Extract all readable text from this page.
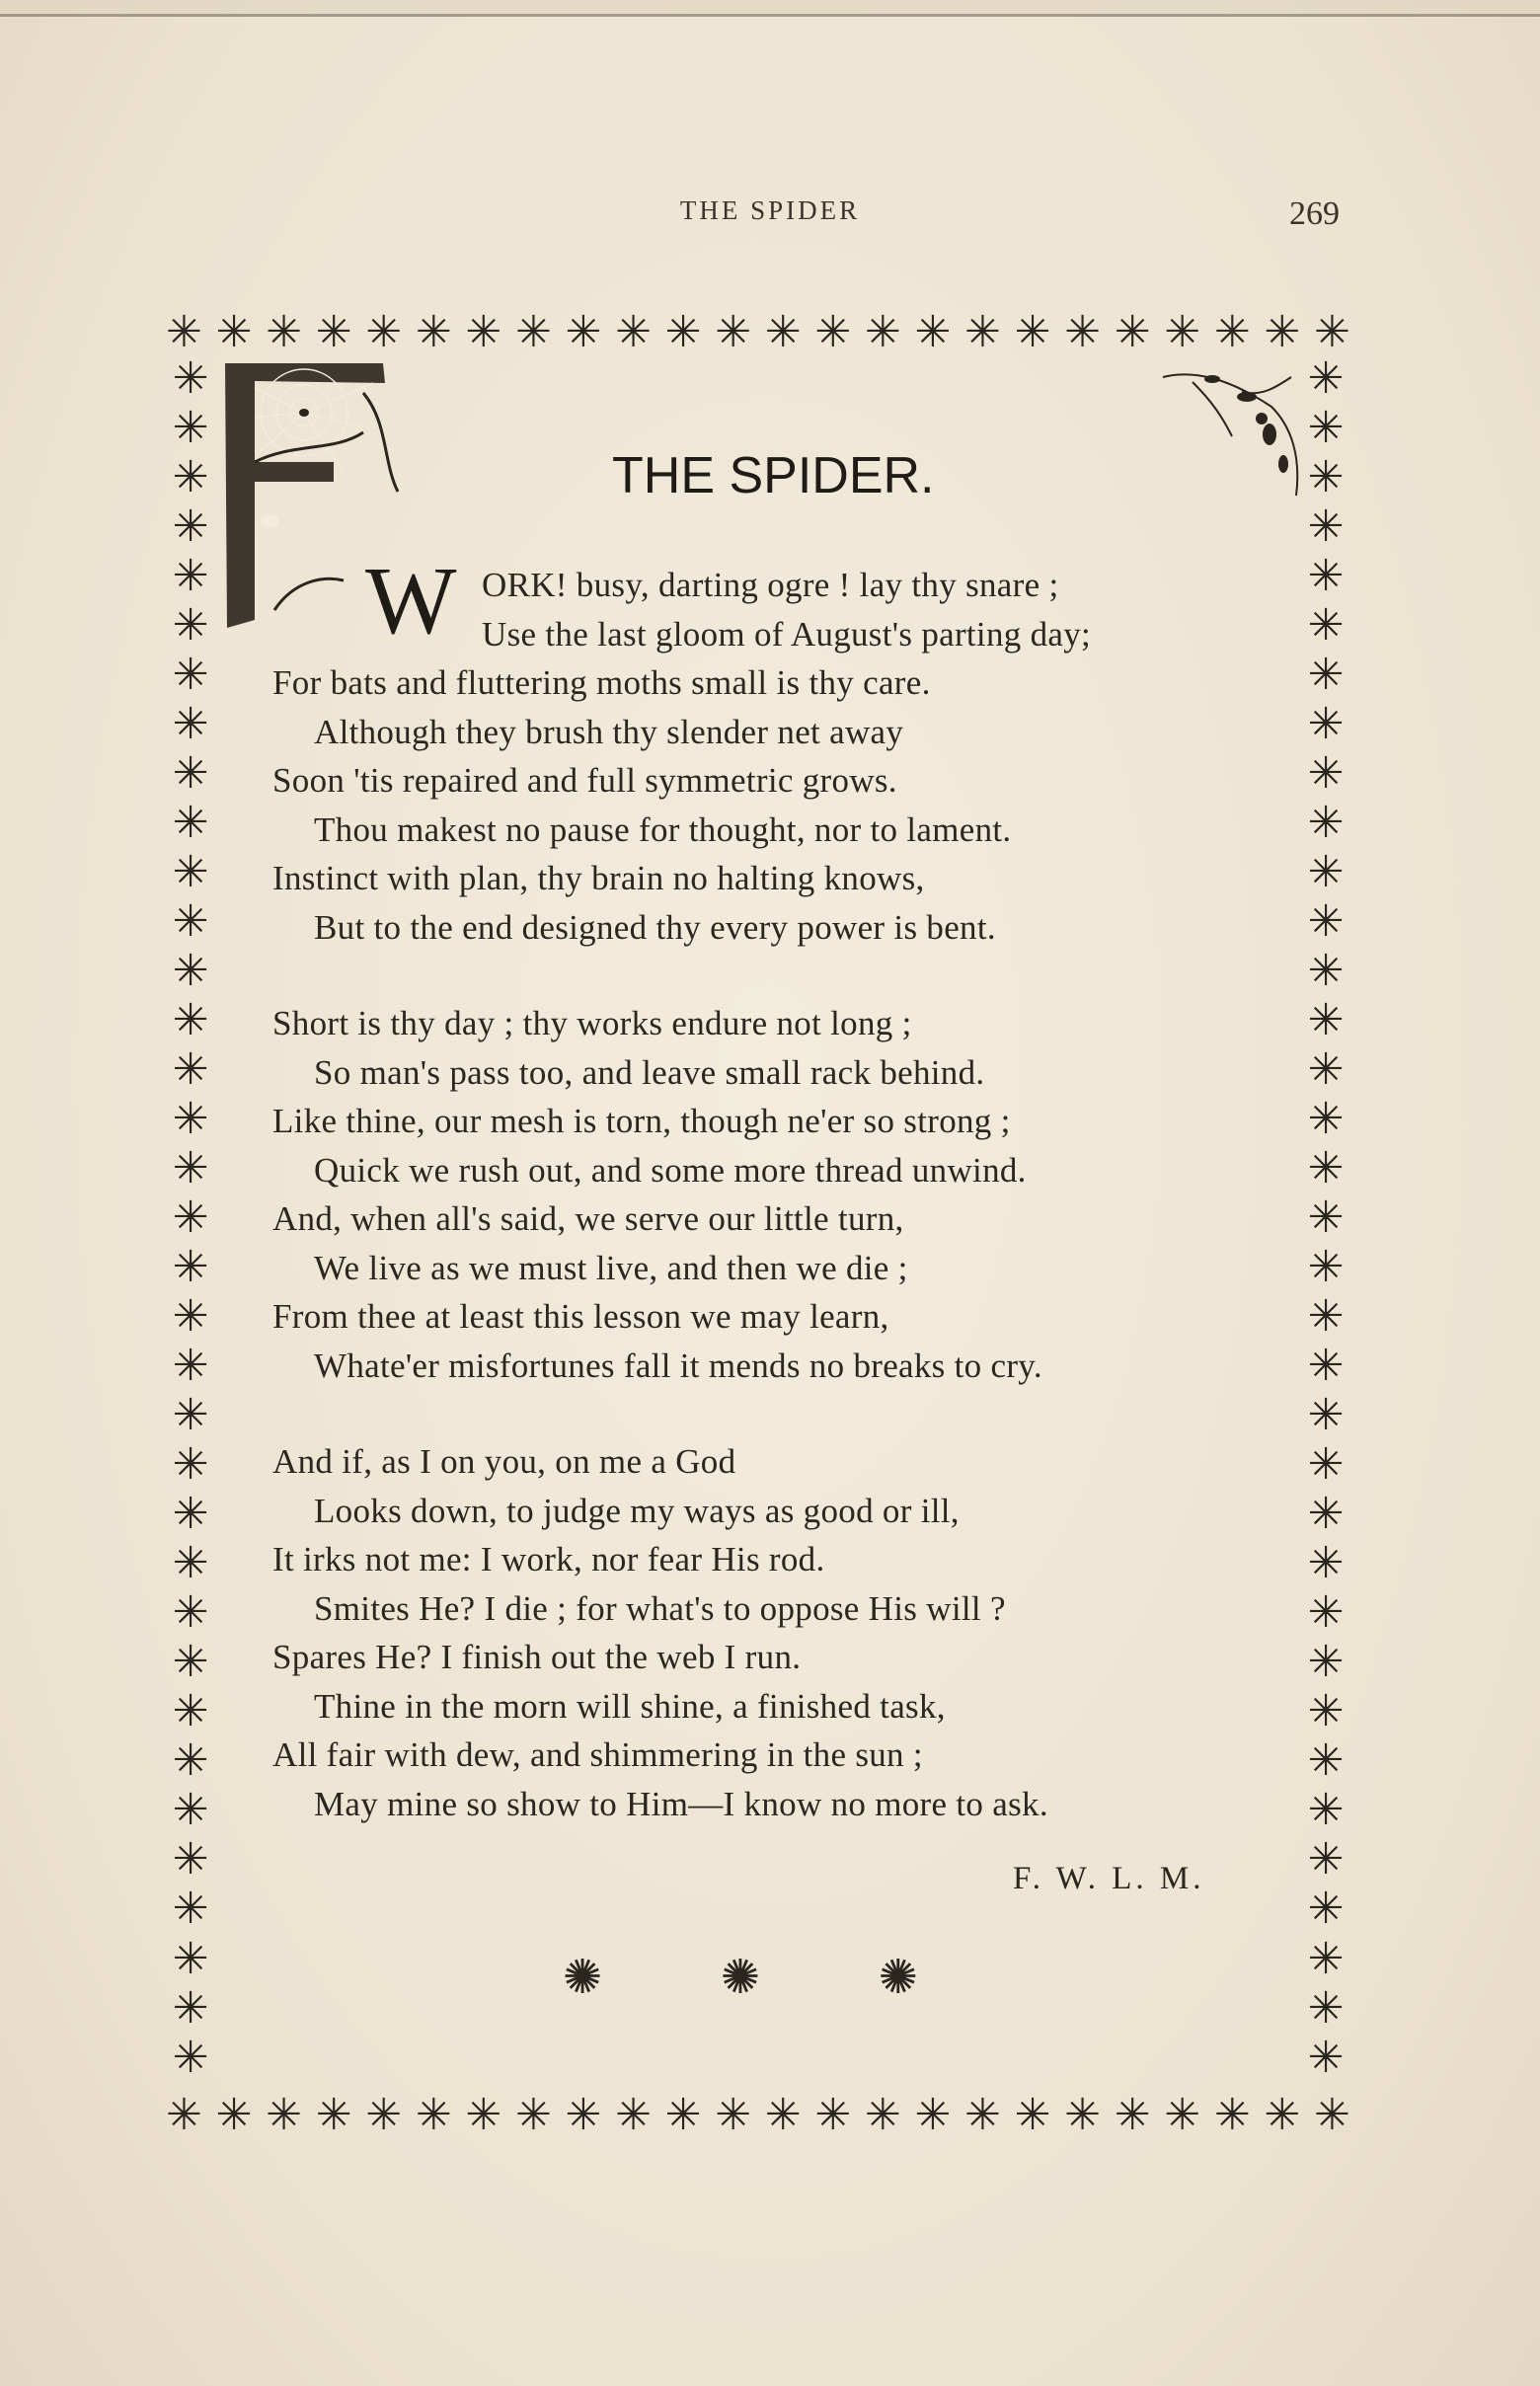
THE SPIDER	269
✳ ✳ ✳ ✳ ✳ ✳ ✳ ✳ ✳ ✳ ✳ ✳ ✳ ✳ ✳ ✳ ✳ ✳ ✳ ✳ ✳ ✳ ✳ ✳
✳ ✳ ✳ ✳ ✳ ✳ ✳ ✳ ✳ ✳ ✳ ✳ ✳ ✳ ✳ ✳ ✳ ✳ ✳ ✳ ✳ ✳ ✳ ✳
✳
✳
✳
✳
✳
✳
✳
✳
✳
✳
✳
✳
✳
✳
✳
✳
✳
✳
✳
✳
✳
✳
✳
✳
✳
✳
✳
✳
✳
✳
✳
✳
✳
✳
✳
✳
✳
✳
✳
✳
✳
✳
✳
✳
✳
✳
✳
✳
✳
✳
✳
✳
✳
✳
✳
✳
✳
✳
✳
✳
✳
✳
✳
✳
✳
✳
✳
✳
✳
✳
THE SPIDER.
W ORK! busy, darting ogre ! lay thy snare ;
Use the last gloom of August's parting day;
For bats and fluttering moths small is thy care.
Although they brush thy slender net away
Soon 'tis repaired and full symmetric grows.
Thou makest no pause for thought, nor to lament.
Instinct with plan, thy brain no halting knows,
But to the end designed thy every power is bent.
Short is thy day ; thy works endure not long ;
So man's pass too, and leave small rack behind.
Like thine, our mesh is torn, though ne'er so strong ;
Quick we rush out, and some more thread unwind.
And, when all's said, we serve our little turn,
We live as we must live, and then we die ;
From thee at least this lesson we may learn,
Whate'er misfortunes fall it mends no breaks to cry.
And if, as I on you, on me a God
Looks down, to judge my ways as good or ill,
It irks not me: I work, nor fear His rod.
Smites He? I die ; for what's to oppose His will ?
Spares He? I finish out the web I run.
Thine in the morn will shine, a finished task,
All fair with dew, and shimmering in the sun ;
May mine so show to Him—I know no more to ask.
F. W. L. M.
✺ ✺ ✺
